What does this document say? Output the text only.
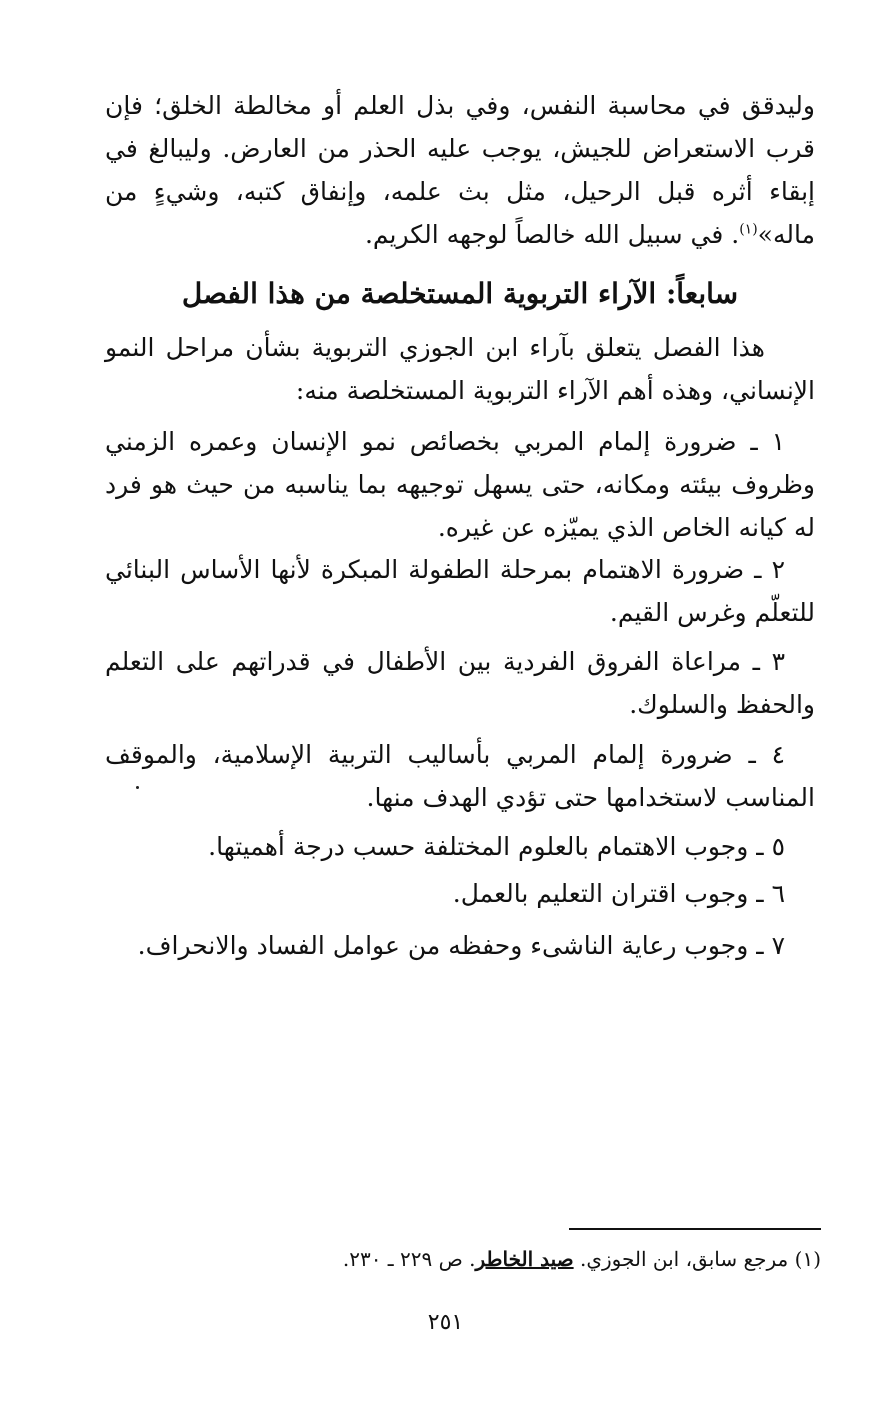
وليدقق في محاسبة النفس، وفي بذل العلم أو مخالطة الخلق؛ فإن قرب الاستعراض للجيش، يوجب عليه الحذر من العارض. وليبالغ في إبقاء أثره قبل الرحيل، مثل بث علمه، وإنفاق كتبه، وشيءٍ من ماله»$^{(١)}$. في سبيل الله خالصاً لوجهه الكريم.

سابعاً: الآراء التربوية المستخلصة من هذا الفصل

هذا الفصل يتعلق بآراء ابن الجوزي التربوية بشأن مراحل النمو الإنساني، وهذه أهم الآراء التربوية المستخلصة منه:

١ ـ ضرورة إلمام المربي بخصائص نمو الإنسان وعمره الزمني وظروف بيئته ومكانه، حتى يسهل توجيهه بما يناسبه من حيث هو فرد له كيانه الخاص الذي يميّزه عن غيره.

٢ ـ ضرورة الاهتمام بمرحلة الطفولة المبكرة لأنها الأساس البنائي للتعلّم وغرس القيم.

٣ ـ مراعاة الفروق الفردية بين الأطفال في قدراتهم على التعلم والحفظ والسلوك.

٤ ـ ضرورة إلمام المربي بأساليب التربية الإسلامية، والموقف المناسب لاستخدامها حتى تؤدي الهدف منها.

٥ ـ وجوب الاهتمام بالعلوم المختلفة حسب درجة أهميتها.

٦ ـ وجوب اقتران التعليم بالعمل.

٧ ـ وجوب رعاية الناشىء وحفظه من عوامل الفساد والانحراف.

(١) مرجع سابق، ابن الجوزي. صيد الخاطر. ص ٢٢٩ ـ ٢٣٠.
٢٥١
